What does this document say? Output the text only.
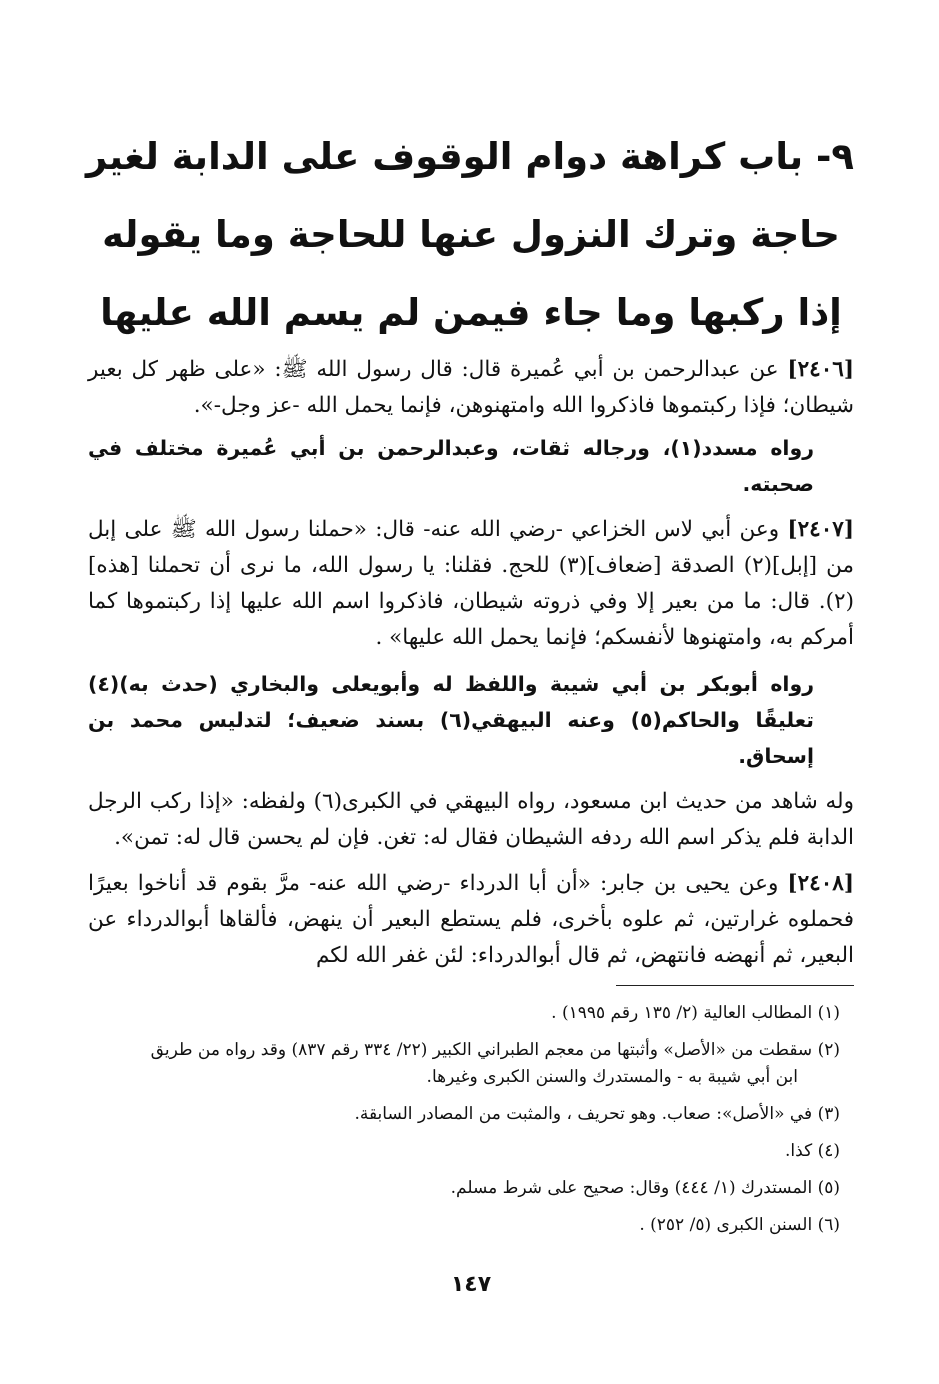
٩- باب كراهة دوام الوقوف على الدابة لغير
حاجة وترك النزول عنها للحاجة وما يقوله
إذا ركبها وما جاء فيمن لم يسم الله عليها

[٢٤٠٦] عن عبدالرحمن بن أبي عُميرة قال: قال رسول الله ﷺ: «على ظهر كل بعير شيطان؛ فإذا ركبتموها فاذكروا الله وامتهنوهن، فإنما يحمل الله -عز وجل-».

رواه مسدد(١)، ورجاله ثقات، وعبدالرحمن بن أبي عُميرة مختلف في صحبته.

[٢٤٠٧] وعن أبي لاس الخزاعي -رضي الله عنه- قال: «حملنا رسول الله ﷺ على إبل من [إبل](٢) الصدقة [ضعاف](٣) للحج. فقلنا: يا رسول الله، ما نرى أن تحملنا [هذه](٢). قال: ما من بعير إلا وفي ذروته شيطان، فاذكروا اسم الله عليها إذا ركبتموها كما أمركم به، وامتهنوها لأنفسكم؛ فإنما يحمل الله عليها» .

رواه أبوبكر بن أبي شيبة واللفظ له وأبويعلى والبخاري (حدث به)(٤) تعليقًا والحاكم(٥) وعنه البيهقي(٦) بسند ضعيف؛ لتدليس محمد بن إسحاق.

وله شاهد من حديث ابن مسعود، رواه البيهقي في الكبرى(٦) ولفظه: «إذا ركب الرجل الدابة فلم يذكر اسم الله ردفه الشيطان فقال له: تغن. فإن لم يحسن قال له: تمن».

[٢٤٠٨] وعن يحيى بن جابر: «أن أبا الدرداء -رضي الله عنه- مرَّ بقوم قد أناخوا بعيرًا فحملوه غرارتين، ثم علوه بأخرى، فلم يستطع البعير أن ينهض، فألقاها أبوالدرداء عن البعير، ثم أنهضه فانتهض، ثم قال أبوالدرداء: لئن غفر الله لكم

(١) المطالب العالية (٢/ ١٣٥ رقم ١٩٩٥) .

(٢) سقطت من «الأصل» وأثبتها من معجم الطبراني الكبير (٢٢/ ٣٣٤ رقم ٨٣٧) وقد رواه من طريق
ابن أبي شيبة به - والمستدرك والسنن الكبرى وغيرها.

(٣) في «الأصل»: صعاب. وهو تحريف ، والمثبت من المصادر السابقة.

(٤) كذا.

(٥) المستدرك (١/ ٤٤٤) وقال: صحيح على شرط مسلم.

(٦) السنن الكبرى (٥/ ٢٥٢) .

١٤٧
